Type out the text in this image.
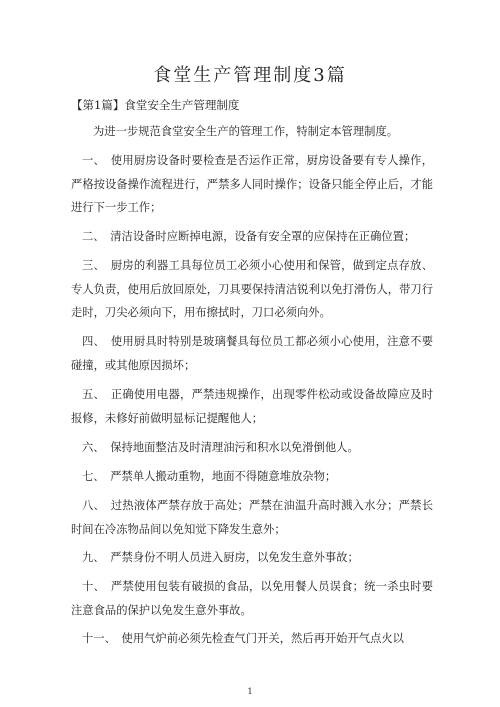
食堂生产管理制度3篇
【第1篇】食堂安全生产管理制度
为进一步规范食堂安全生产的管理工作，特制定本管理制度。
一、　使用厨房设备时要检查是否运作正常，厨房设备要有专人操作，严格按设备操作流程进行，严禁多人同时操作；设备只能全停止后，才能进行下一步工作；
二、　清洁设备时应断掉电源，设备有安全罩的应保持在正确位置；
三、　厨房的利器工具每位员工必须小心使用和保管，做到定点存放、专人负责，使用后放回原处，刀具要保持清洁锐利以免打滑伤人，带刀行走时，刀尖必须向下，用布擦拭时，刀口必须向外。
四、　使用厨具时特别是玻璃餐具每位员工都必须小心使用，注意不要碰撞，或其他原因损坏；
五、　正确使用电器，严禁违规操作，出现零件松动或设备故障应及时报修，未修好前做明显标记提醒他人；
六、　保持地面整洁及时清理油污和积水以免滑倒他人。
七、　严禁单人搬动重物，地面不得随意堆放杂物；
八、　过热液体严禁存放于高处；严禁在油温升高时溅入水分；严禁长时间在冷冻物品间以免知觉下降发生意外；
九、　严禁身份不明人员进入厨房，以免发生意外事故；
十、　严禁使用包装有破损的食品，以免用餐人员误食；统一杀虫时要注意食品的保护以免发生意外事故。
十一、　使用气炉前必须先检查气门开关，然后再开始开气点火以
1
